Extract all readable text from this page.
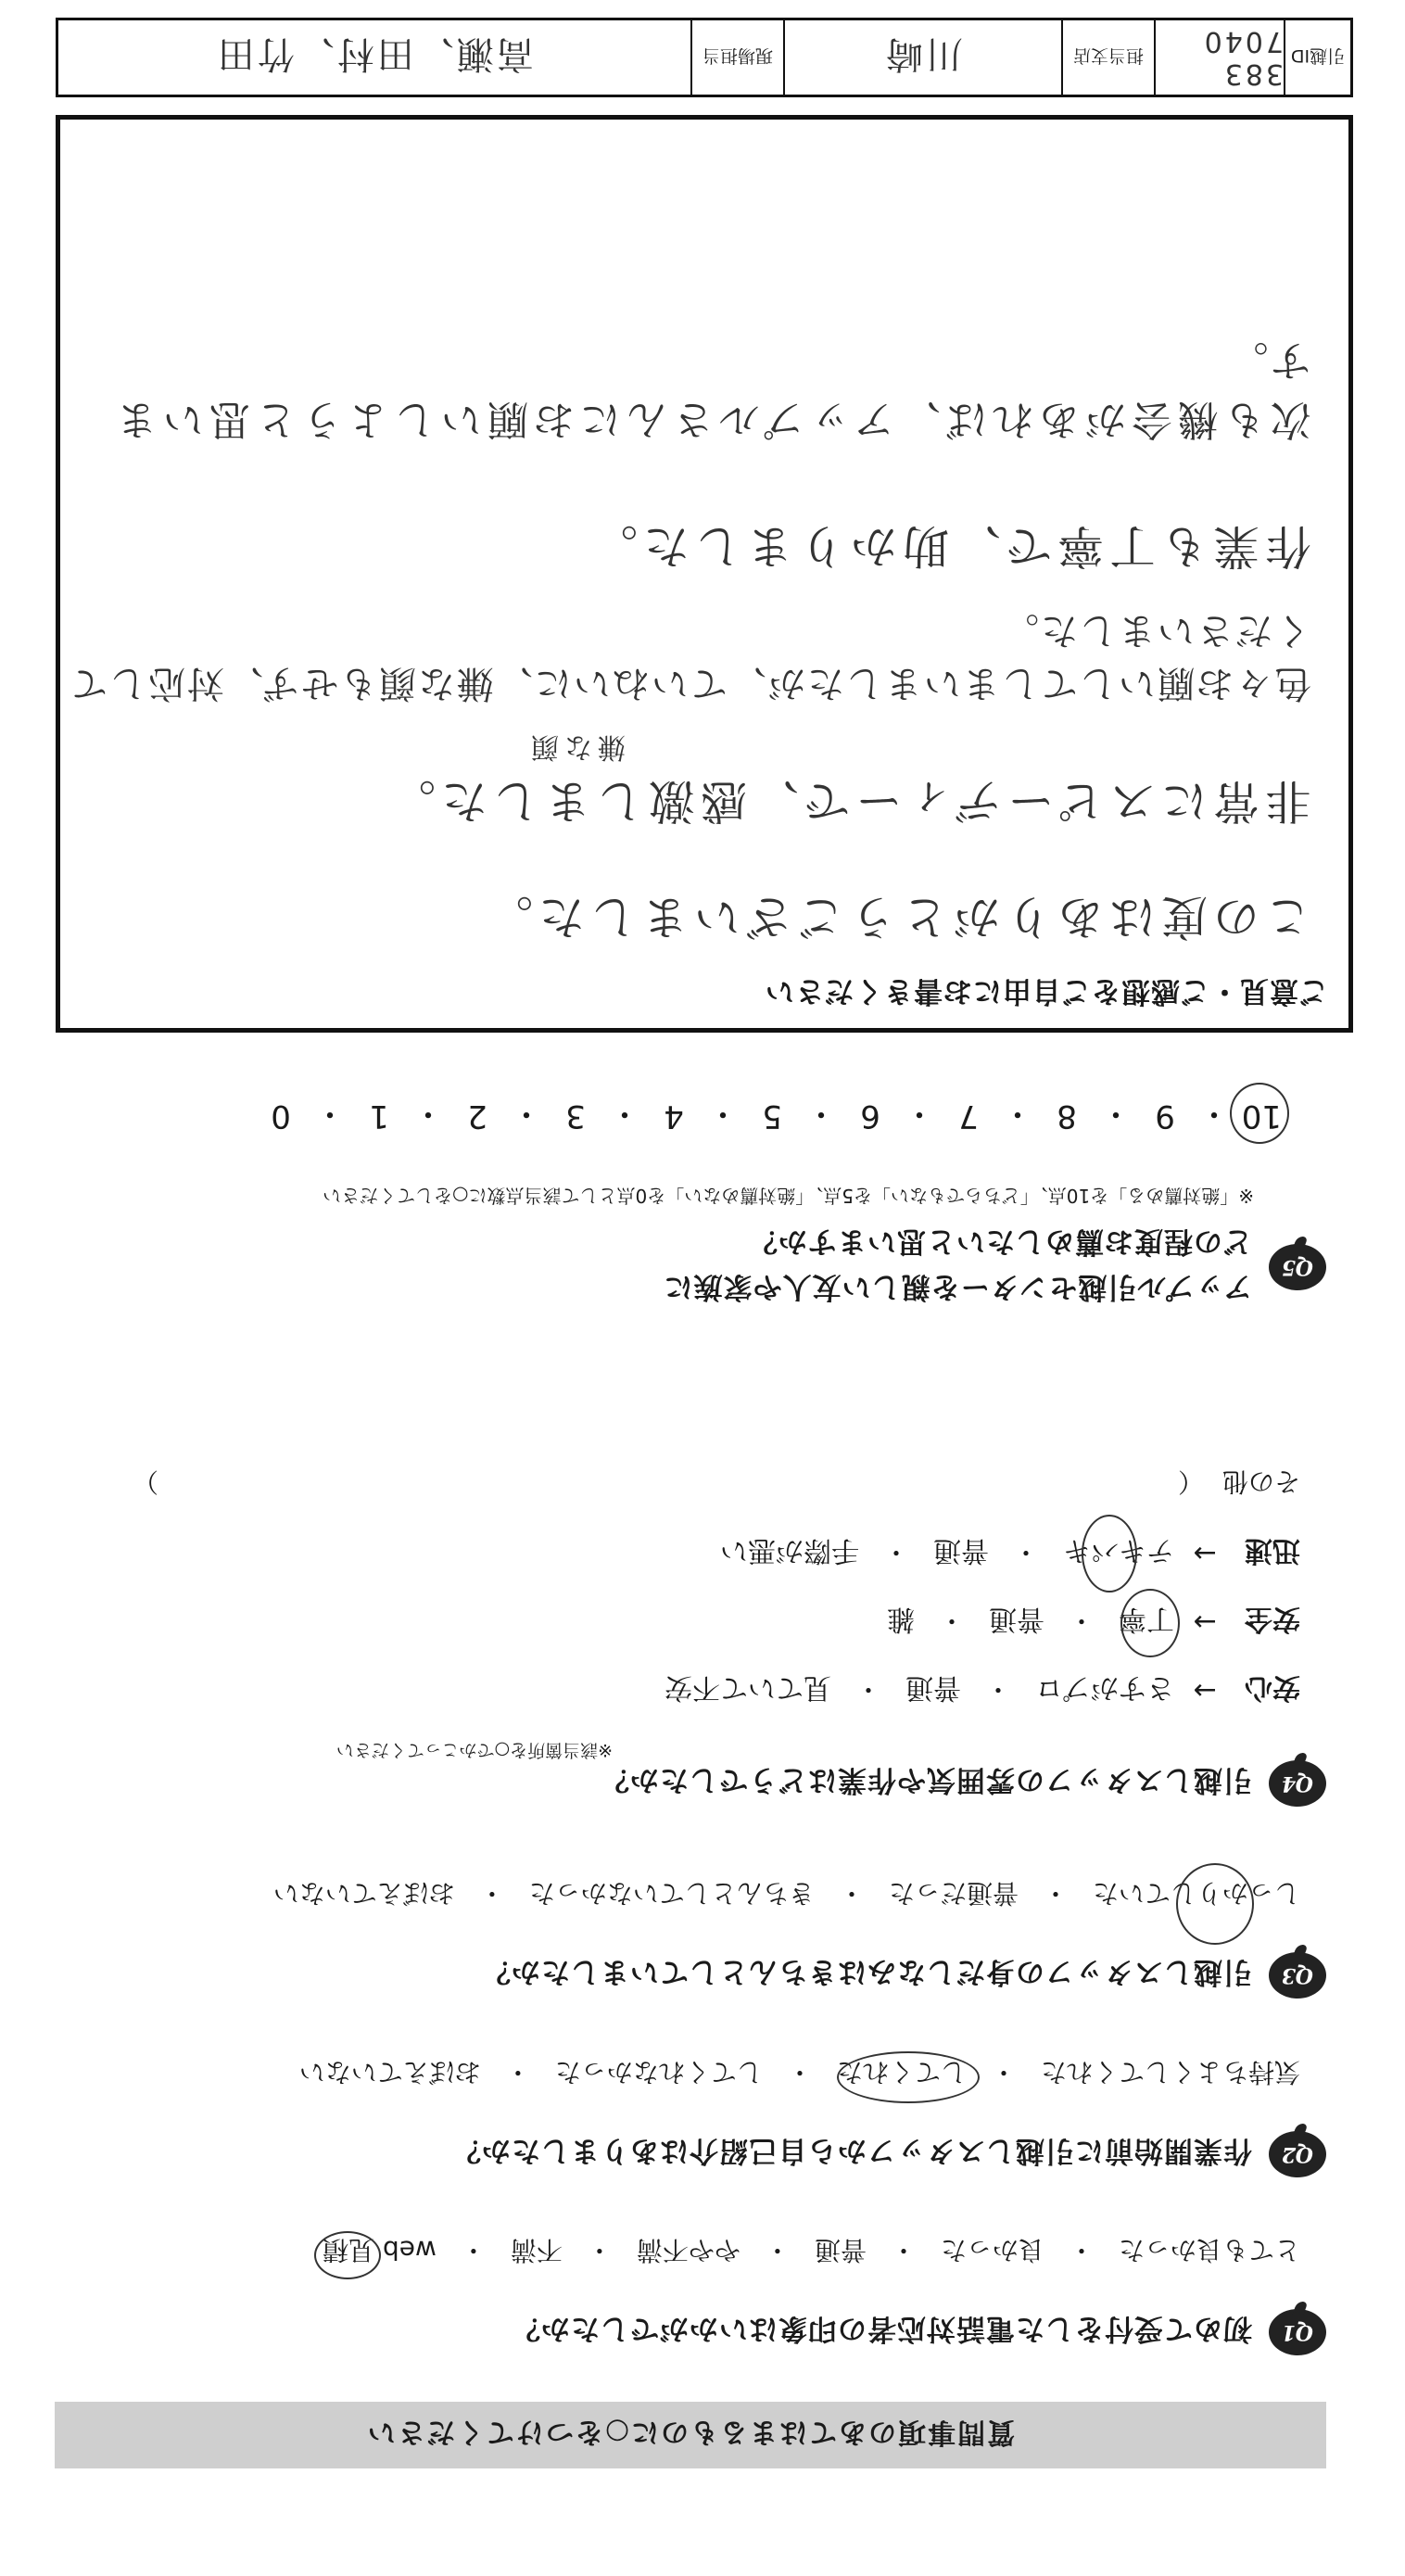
質問事項のあてはまるものに○をつけてください
Q1
初めて受付をした電話対応者の印象はいかがでしたか？
とても良かった
・
良かった
・
普通
・
やや不満
・
不満
・
web 見積
Q2
作業開始前に引越しスタッフから自己紹介はありましたか？
気持ちよくしてくれた
・
してくれた
・
してくれなかった
・
おぼえていない
Q3
引越しスタッフの身だしなみはきちんとしていましたか？
しっかりしていた
・
普通だった
・
きちんとしていなかった
・
おぼえていない
Q4
引越しスタッフの雰囲気や作業はどうでしたか？
※該当箇所を○でかこってください
安心
→
さすがプロ
・
普通
・
見ていて不安
安全
→
丁寧
・
普通
・
雑
迅速
→
テキパキ
・
普通
・
手際が悪い
その他
（
）
Q5
アップル引越センターを親しい友人や家族に
どの程度お薦めしたいと思いますか？
※「絶対薦める」を10点、「どちらでもない」を5点、「絶対薦めない」を0点として該当点数に○をしてください
10
・
9
・
8
・
7
・
6
・
5
・
4
・
3
・
2
・
1
・
0
ご意見・ご感想をご自由にお書きください
この度はありがとうございました。
非常にスピーディーで、感激しました。
色々お願いしてしまいましたが、ていねいに、嫌な顔もせず、対応してくださいました。
嫌な顔
作業も丁寧で、助かりました。
次も機会があれば、アップルさんにお願いしようと思います。
引越ID
383 7040
担当支店
川崎
現場担当
高瀬、田村、竹田
